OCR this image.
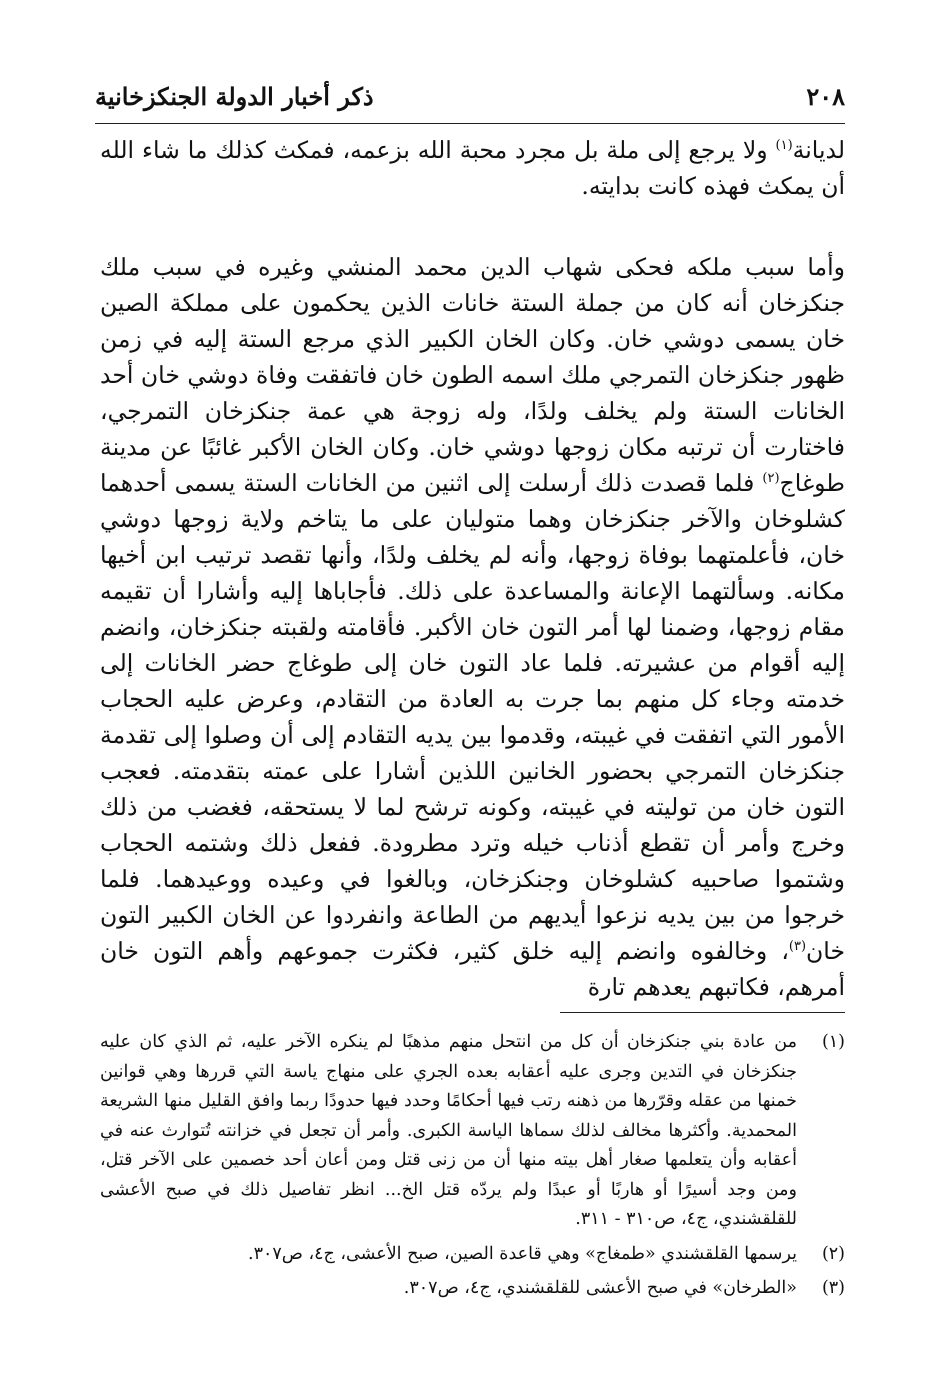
ذكر أخبار الدولة الجنكزخانية	٢٠٨

لديانة$^{(١)}$ ولا يرجع إلى ملة بل مجرد محبة الله بزعمه، فمكث كذلك ما شاء الله أن يمكث فهذه كانت بدايته.

وأما سبب ملكه فحكى شهاب الدين محمد المنشي وغيره في سبب ملك جنكزخان أنه كان من جملة الستة خانات الذين يحكمون على مملكة الصين خان يسمى دوشي خان. وكان الخان الكبير الذي مرجع الستة إليه في زمن ظهور جنكزخان التمرجي ملك اسمه الطون خان فاتفقت وفاة دوشي خان أحد الخانات الستة ولم يخلف ولدًا، وله زوجة هي عمة جنكزخان التمرجي، فاختارت أن ترتبه مكان زوجها دوشي خان. وكان الخان الأكبر غائبًا عن مدينة طوغاج$^{(٢)}$ فلما قصدت ذلك أرسلت إلى اثنين من الخانات الستة يسمى أحدهما كشلوخان والآخر جنكزخان وهما متوليان على ما يتاخم ولاية زوجها دوشي خان، فأعلمتهما بوفاة زوجها، وأنه لم يخلف ولدًا، وأنها تقصد ترتيب ابن أخيها مكانه. وسألتهما الإعانة والمساعدة على ذلك. فأجاباها إليه وأشارا أن تقيمه مقام زوجها، وضمنا لها أمر التون خان الأكبر. فأقامته ولقبته جنكزخان، وانضم إليه أقوام من عشيرته. فلما عاد التون خان إلى طوغاج حضر الخانات إلى خدمته وجاء كل منهم بما جرت به العادة من التقادم، وعرض عليه الحجاب الأمور التي اتفقت في غيبته، وقدموا بين يديه التقادم إلى أن وصلوا إلى تقدمة جنكزخان التمرجي بحضور الخانين اللذين أشارا على عمته بتقدمته. فعجب التون خان من توليته في غيبته، وكونه ترشح لما لا يستحقه، فغضب من ذلك وخرج وأمر أن تقطع أذناب خيله وترد مطرودة. ففعل ذلك وشتمه الحجاب وشتموا صاحبيه كشلوخان وجنكزخان، وبالغوا في وعيده ووعيدهما. فلما خرجوا من بين يديه نزعوا أيديهم من الطاعة وانفردوا عن الخان الكبير التون خان$^{(٣)}$، وخالفوه وانضم إليه خلق كثير، فكثرت جموعهم وأهم التون خان أمرهم، فكاتبهم يعدهم تارة

(١)
من عادة بني جنكزخان أن كل من انتحل منهم مذهبًا لم ينكره الآخر عليه، ثم الذي كان عليه جنكزخان في التدين وجرى عليه أعقابه بعده الجري على منهاج ياسة التي قررها وهي قوانين خمنها من عقله وقرّرها من ذهنه رتب فيها أحكامًا وحدد فيها حدودًا ربما وافق القليل منها الشريعة المحمدية. وأكثرها مخالف لذلك سماها الياسة الكبرى. وأمر أن تجعل في خزانته تُتوارث عنه في أعقابه وأن يتعلمها صغار أهل بيته منها أن من زنى قتل ومن أعان أحد خصمين على الآخر قتل، ومن وجد أسيرًا أو هاربًا أو عبدًا ولم يردّه قتل الخ... انظر تفاصيل ذلك في صبح الأعشى للقلقشندي، ج٤، ص٣١٠ - ٣١١.
(٢)
يرسمها القلقشندي «طمغاج» وهي قاعدة الصين، صبح الأعشى، ج٤، ص٣٠٧.
(٣)
«الطرخان» في صبح الأعشى للقلقشندي، ج٤، ص٣٠٧.
